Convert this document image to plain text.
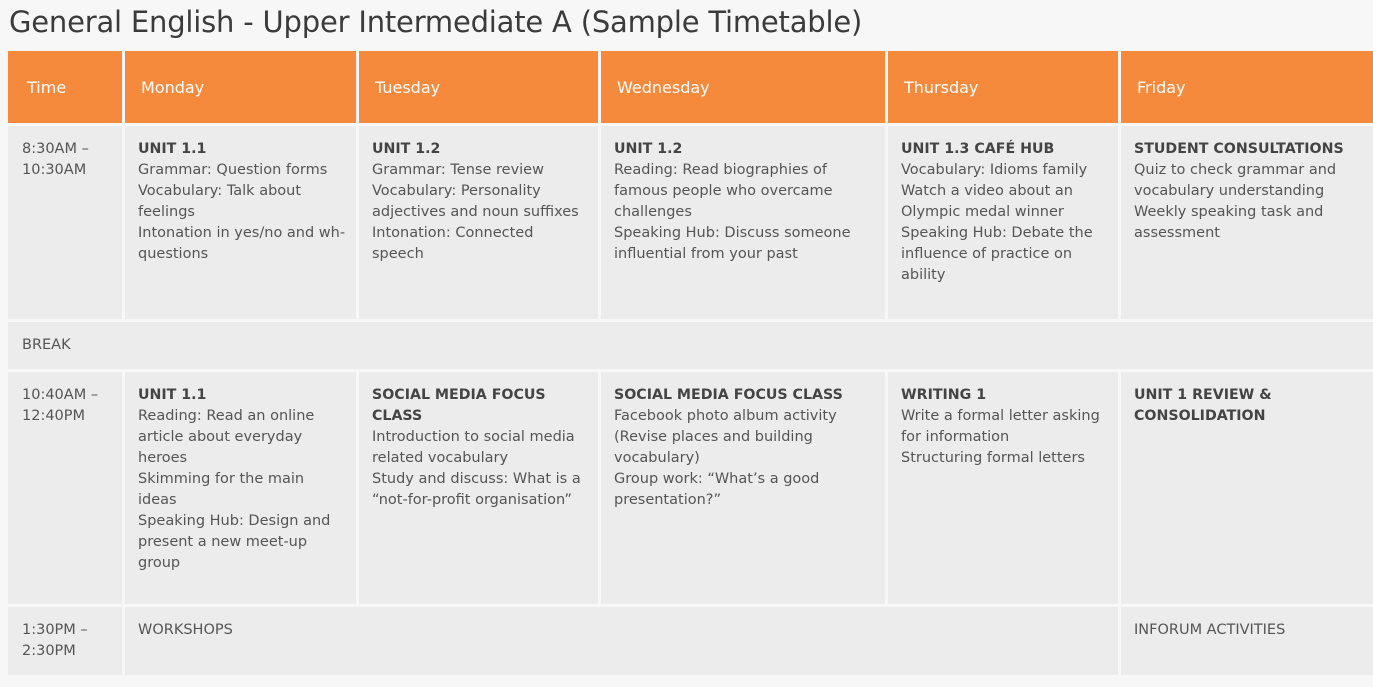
General English - Upper Intermediate A (Sample Timetable)
Time	Monday	Tuesday	Wednesday	Thursday	Friday

8:30AM –
10:30AM	UNIT 1.1
Grammar: Question forms
Vocabulary: Talk about feelings
Intonation in yes/no and wh- questions	UNIT 1.2
Grammar: Tense review
Vocabulary: Personality adjectives and noun suffixes
Intonation: Connected speech	UNIT 1.2
Reading: Read biographies of famous people who overcame challenges
Speaking Hub: Discuss someone influential from your past	UNIT 1.3 CAFÉ HUB
Vocabulary: Idioms family
Watch a video about an Olympic medal winner
Speaking Hub: Debate the influence of practice on ability	STUDENT CONSULTATIONS
Quiz to check grammar and vocabulary understanding
Weekly speaking task and assessment

BREAK					

10:40AM –
12:40PM	UNIT 1.1
Reading: Read an online article about everyday heroes
Skimming for the main ideas
Speaking Hub: Design and present a new meet-up group	SOCIAL MEDIA FOCUS CLASS
Introduction to social media related vocabulary
Study and discuss: What is a “not-for-profit organisation”	SOCIAL MEDIA FOCUS CLASS
Facebook photo album activity (Revise places and building vocabulary)
Group work: “What’s a good presentation?”	WRITING 1
Write a formal letter asking for information
Structuring formal letters	UNIT 1 REVIEW & CONSOLIDATION

1:30PM –
2:30PM	WORKSHOPS				INFORUM ACTIVITIES
